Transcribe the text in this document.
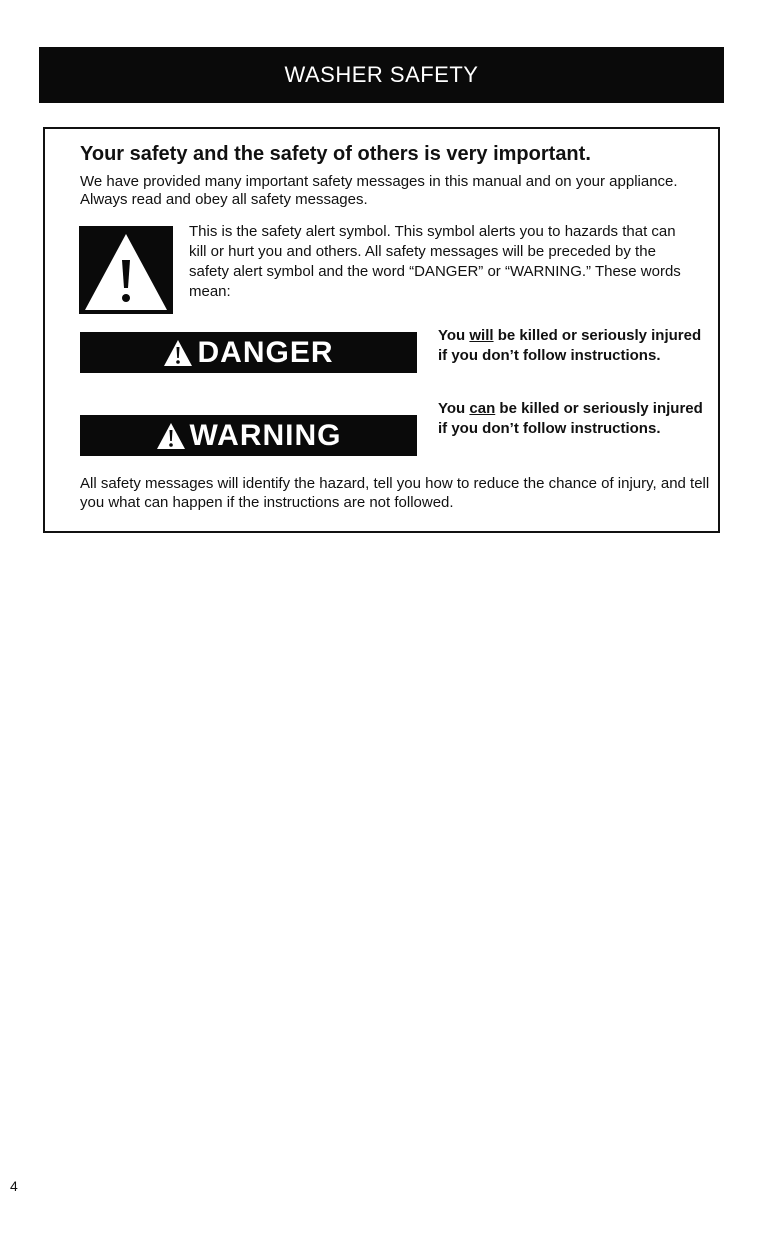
WASHER SAFETY
Your safety and the safety of others is very important.
We have provided many important safety messages in this manual and on your appliance. Always read and obey all safety messages.
This is the safety alert symbol. This symbol alerts you to hazards that can kill or hurt you and others. All safety messages will be preceded by the safety alert symbol and the word “DANGER” or “WARNING.” These words mean:
DANGER	You will be killed or seriously injured if you don’t follow instructions.
WARNING
You can be killed or seriously injured if you don’t follow instructions.
All safety messages will identify the hazard, tell you how to reduce the chance of injury, and tell you what can happen if the instructions are not followed.
4
